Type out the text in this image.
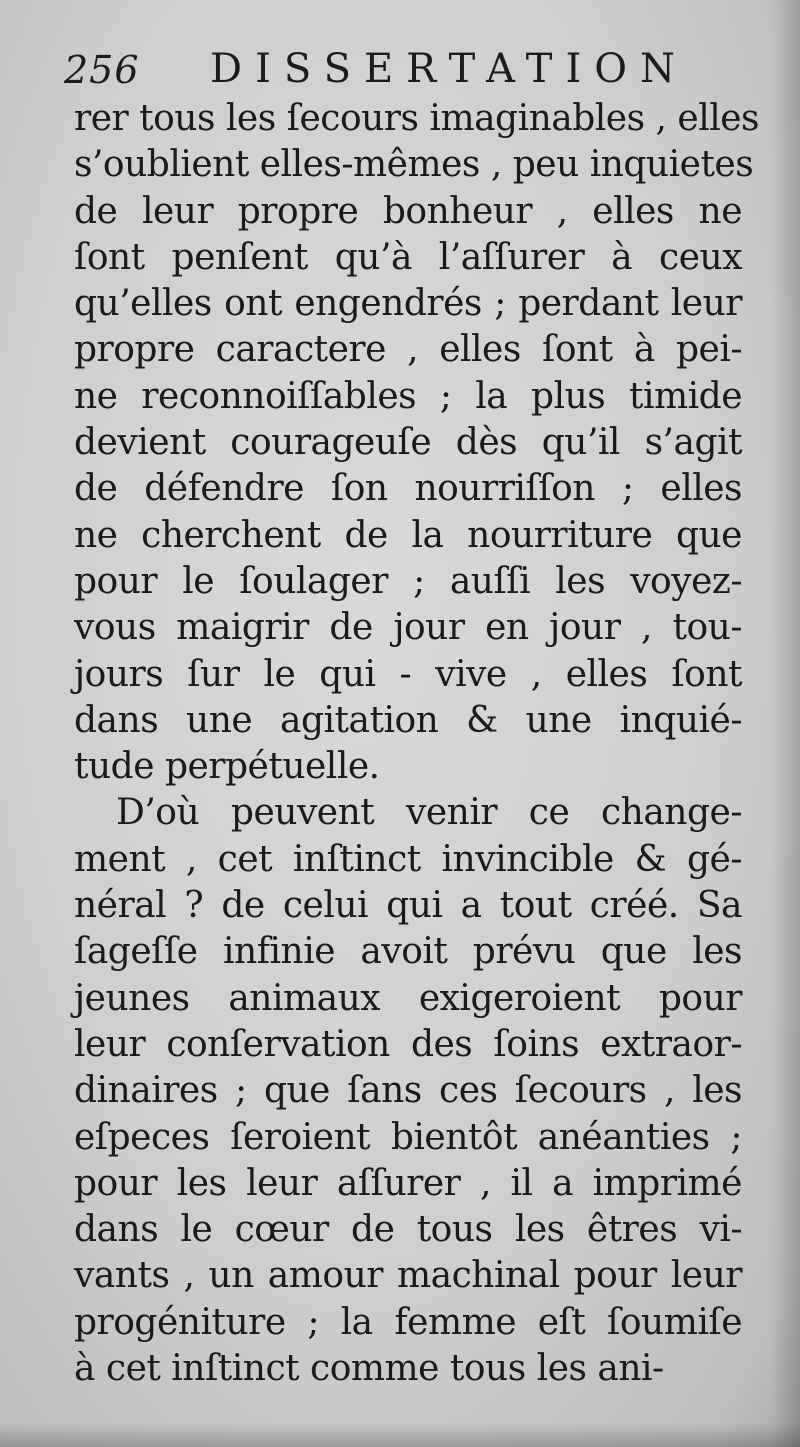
256 DISSERTATION
rer tous les ſecours imaginables , elles
s’oublient elles-mêmes , peu inquietes
de leur propre bonheur , elles ne
ſont penſent qu’à l’aſſurer à ceux
qu’elles ont engendrés ; perdant leur
propre caractere , elles ſont à pei-
ne reconnoiſſables ; la plus timide
devient courageuſe dès qu’il s’agit
de défendre ſon nourriſſon ; elles
ne cherchent de la nourriture que
pour le ſoulager ; auſſi les voyez-
vous maigrir de jour en jour , tou-
jours ſur le qui - vive , elles ſont
dans une agitation & une inquié-
tude perpétuelle.
D’où peuvent venir ce change-
ment , cet inſtinct invincible & gé-
néral ? de celui qui a tout créé. Sa
ſageſſe infinie avoit prévu que les
jeunes animaux exigeroient pour
leur conſervation des ſoins extraor-
dinaires ; que ſans ces ſecours , les
eſpeces ſeroient bientôt anéanties ;
pour les leur aſſurer , il a imprimé
dans le cœur de tous les êtres vi-
vants , un amour machinal pour leur
progéniture ; la femme eſt ſoumiſe
à cet inſtinct comme tous les ani-
